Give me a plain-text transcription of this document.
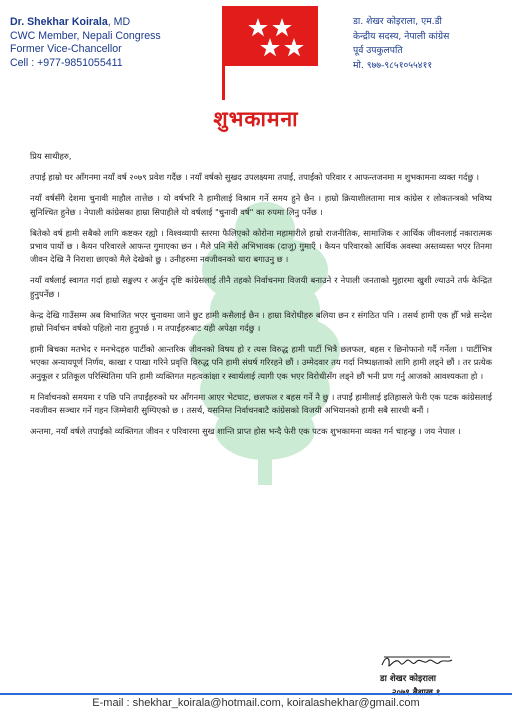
Dr. Shekhar Koirala, MD
CWC Member, Nepali Congress
Former Vice-Chancellor
Cell : +977-9851055411
डा. शेखर कोइराला, एम.डी
केन्द्रीय सदस्य, नेपाली कांग्रेस
पूर्व उपकुलपति
मो. ९७७-९८५१०५५४११
शुभकामना

प्रिय साथीहरु,

तपाईं हाम्रो घर आँगनमा नयाँ वर्ष २०७९ प्रवेश गर्दैछ । नयाँ वर्षको सुखद उपलक्ष्यमा तपाईं, तपाईंको परिवार र आफन्तजनमा म शुभकामना व्यक्त गर्दछु ।

नयाँ वर्षसँगै देशमा चुनावी माहौल तात्तेछ । यो वर्षभरि नै हामीलाई विश्राम गर्ने समय हुने छैन । हाम्रो क्रियाशीलतामा मात्र कांग्रेस र लोकतन्त्रको भविष्य सुनिश्चित हुनेछ । नेपाली कांग्रेसका हाम्रा सिपाहीले यो वर्षलाई "चुनावी वर्ष" का रुपमा लिनु पर्नेछ ।

बितेको वर्ष हामी सबैको लागि कष्टकर रह्यो । विश्वव्यापी स्तरमा फैलिएको कोरोना महामारीले हाम्रो राजनीतिक, सामाजिक र आर्थिक जीवनलाई नकारात्मक प्रभाव पार्यो छ । कैयन परिवारले आफन्त गुमाएका छन । मैले पनि मेरो अभिभावक (दाजु) गुमाएँ । कैयन परिवारको आर्थिक अवस्था अस्तव्यस्त भएर तिनमा जीवन देखि नै निराशा छाएको मैले देखेको छु । उनीहरुमा नवजीवनको धारा बगाउनु छ ।

नयाँ वर्षलाई स्वागत गर्दा हाम्रो सङ्कल्प र अर्जुन दृष्टि कांग्रेसलाई तीनै तहको निर्वाचनमा विजयी बनाउने र नेपाली जनताको मुहारमा खुशी ल्याउने तर्फ केन्द्रित हुनुपर्नेछ ।

केन्द्र देखि गाउँसम्म अब विभाजित भएर चुनावमा जाने छुट हामी कसैलाई छैन । हाम्रा विरोधीहरु बलिया छन र संगठित पनि । तसर्थ हामी एक हौँ भन्ने सन्देश हाम्रो निर्वाचन वर्षको पहिलो नारा हुनुपर्छ । म तपाईंहरुबाट यही अपेक्षा गर्दछु ।

हामी बिचका मतभेद र मनभेदहरु पार्टीको आन्तरिक जीवनको विषय हो र त्यस विरुद्ध हामी पार्टी भित्रै छलफल, बहस र छिनोफानो गर्दै गर्नेला । पार्टीभित्र भएका अन्यायपूर्ण निर्णय, काखा र पाखा गरिने प्रवृत्ति विरुद्ध पनि हामी संघर्ष गरिरहने छौं । उम्मेदवार तय गर्दा निष्पक्षताको लागि हामी लड्ने छौं । तर प्रत्येक अनुकूल र प्रतिकूल परिस्थितिमा पनि हामी व्यक्तिगत महत्वकांक्षा र स्वार्थलाई त्यागी एक भएर विरोधीसँग लड्ने छौं भनी प्रण गर्नु आजको आवश्यकता हो ।

म निर्वाचनको समयमा र पछि पनि तपाईंहरुको घर आँगनमा आएर भेटघाट, छलफल र बहस गर्ने नै छु । तपाईं हामीलाई इतिहासले फेरी एक पटक कांग्रेसलाई नवजीवन सञ्चार गर्ने गहन जिम्मेवारी सुम्पिएको छ । तसर्थ, यसनिम्त निर्वाचनबाटै कांग्रेसको विजयी अभियानको हामी सबै सारथी बनौं ।

अन्तमा, नयाँ वर्षले तपाईंको व्यक्तिगत जीवन र परिवारमा सुख शान्ति प्राप्त होस भन्दै फेरी एक पटक शुभकामना व्यक्त गर्न चाहन्छु । जय नेपाल ।

डा शेखर कोइराला
E-mail : shekhar_koirala@hotmail.com, koiralashekhar@gmail.com
